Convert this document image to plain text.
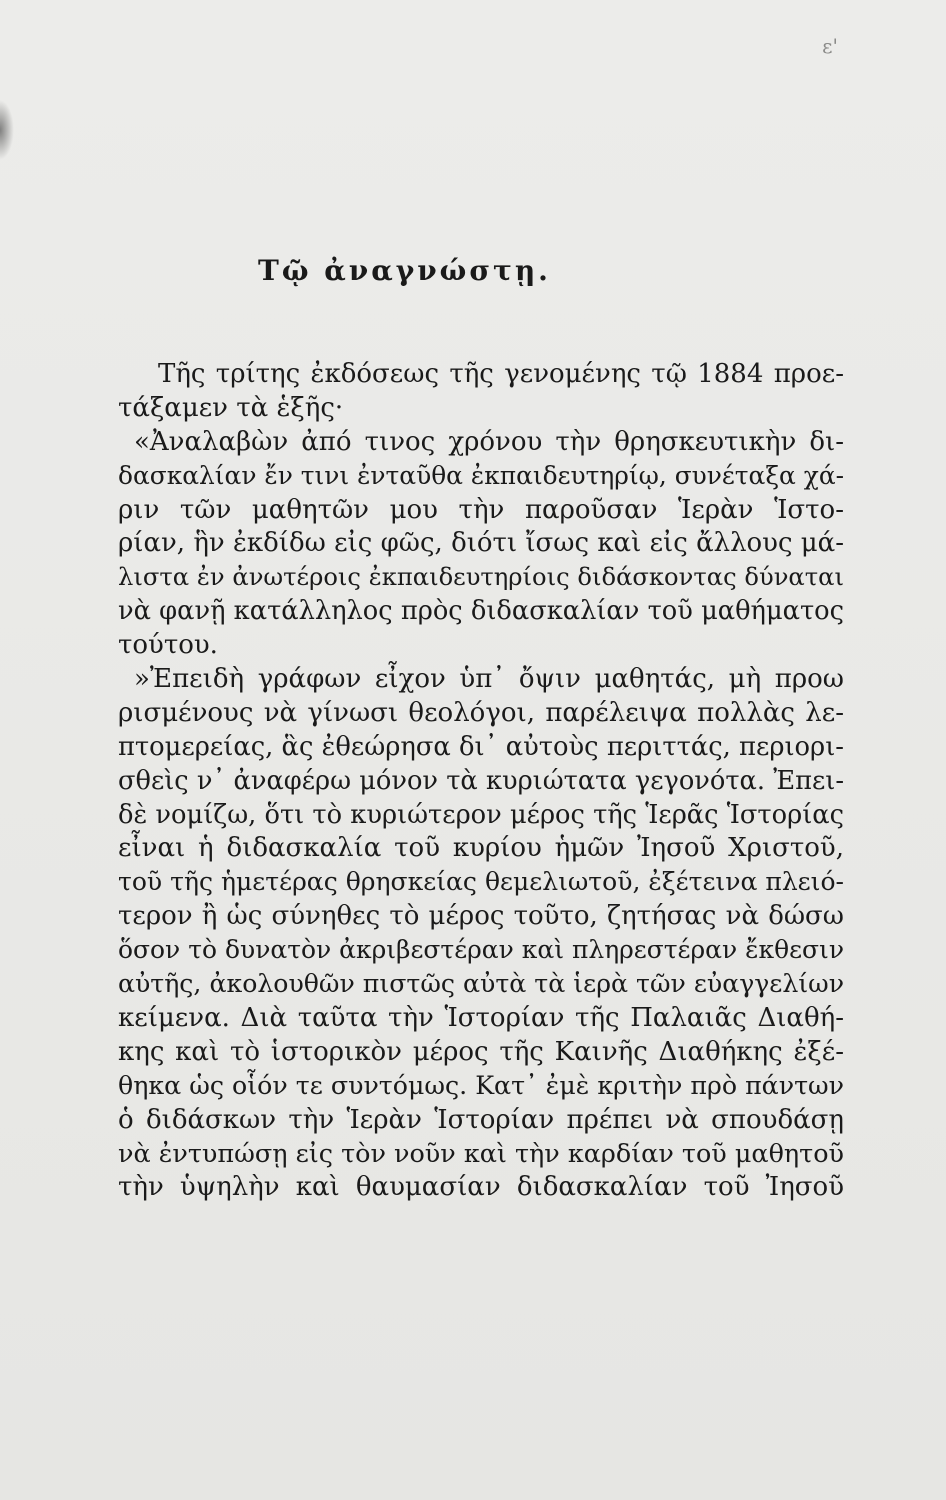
ε'
Τῷ ἀναγνώστῃ.
Τῆς τρίτης ἐκδόσεως τῆς γενομένης τῷ 1884 προε-
τάξαμεν τὰ ἑξῆς·
«Ἀναλαβὼν ἀπό τινος χρόνου τὴν θρησκευτικὴν δι-
δασκαλίαν ἔν τινι ἐνταῦθα ἐκπαιδευτηρίῳ, συνέταξα χά-
ριν τῶν μαθητῶν μου τὴν παροῦσαν Ἱερὰν Ἱστο-
ρίαν, ἣν ἐκδίδω εἰς φῶς, διότι ἴσως καὶ εἰς ἄλλους μά-
λιστα ἐν ἀνωτέροις ἐκπαιδευτηρίοις διδάσκοντας δύναται
νὰ φανῇ κατάλληλος πρὸς διδασκαλίαν τοῦ μαθήματος
τούτου.
»Ἐπειδὴ γράφων εἶχον ὑπ᾽ ὄψιν μαθητάς, μὴ προω
ρισμένους νὰ γίνωσι θεολόγοι, παρέλειψα πολλὰς λε-
πτομερείας, ἃς ἐθεώρησα δι᾽ αὐτοὺς περιττάς, περιορι-
σθεὶς ν᾽ ἀναφέρω μόνον τὰ κυριώτατα γεγονότα. Ἐπει-
δὲ νομίζω, ὅτι τὸ κυριώτερον μέρος τῆς Ἱερᾶς Ἱστορίας
εἶναι ἡ διδασκαλία τοῦ κυρίου ἡμῶν Ἰησοῦ Χριστοῦ,
τοῦ τῆς ἡμετέρας θρησκείας θεμελιωτοῦ, ἐξέτεινα πλειό-
τερον ἢ ὡς σύνηθες τὸ μέρος τοῦτο, ζητήσας νὰ δώσω
ὅσον τὸ δυνατὸν ἀκριβεστέραν καὶ πληρεστέραν ἔκθεσιν
αὐτῆς, ἀκολουθῶν πιστῶς αὐτὰ τὰ ἱερὰ τῶν εὐαγγελίων
κείμενα. Διὰ ταῦτα τὴν Ἱστορίαν τῆς Παλαιᾶς Διαθή-
κης καὶ τὸ ἱστορικὸν μέρος τῆς Καινῆς Διαθήκης ἐξέ-
θηκα ὡς οἷόν τε συντόμως. Κατ᾽ ἐμὲ κριτὴν πρὸ πάντων
ὁ διδάσκων τὴν Ἱερὰν Ἱστορίαν πρέπει νὰ σπουδάσῃ
νὰ ἐντυπώσῃ εἰς τὸν νοῦν καὶ τὴν καρδίαν τοῦ μαθητοῦ
τὴν ὑψηλὴν καὶ θαυμασίαν διδασκαλίαν τοῦ Ἰησοῦ
